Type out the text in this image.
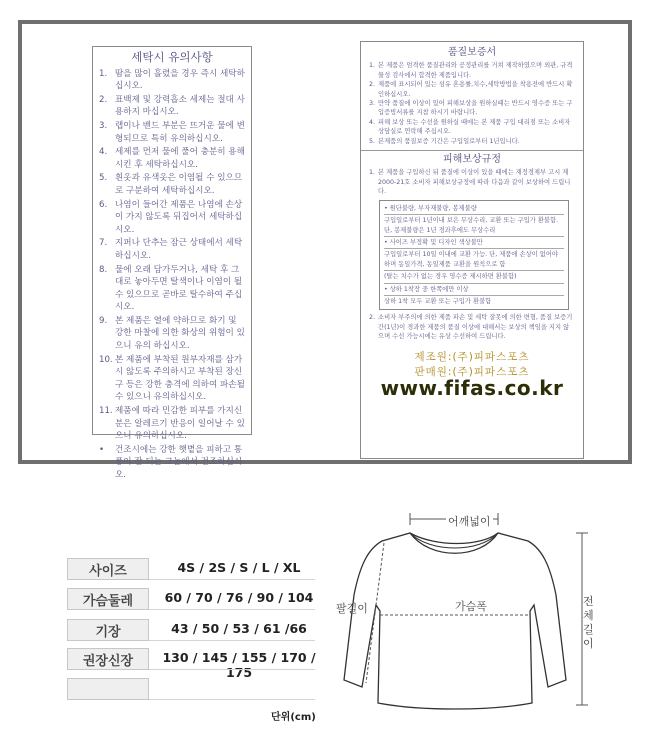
세탁시 유의사항
1. 땀을 많이 흘렸을 경우 즉시 세탁하십시오.
2. 표백제 및 강력흡소 세제는 절대 사용하지 마십시오.
3. 랩이나 밴드 부분은 뜨거운 물에 변형되므로 특히 유의하십시오.
4. 세제를 먼저 물에 풀어 충분히 용해시킨 후 세탁하십시오.
5. 흰옷과 유색옷은 이염될 수 있으므로 구분하여 세탁하십시오.
6. 나염이 들어간 제품은 나염에 손상이 가지 않도록 뒤집어서 세탁하십시오.
7. 지퍼나 단추는 잠근 상태에서 세탁하십시오.
8. 물에 오래 담가두거나, 세탁 후 그대로 놓아두면 탈색이나 이염이 될 수 있으므로 곧바로 탈수하여 주십시오.
9. 본 제품은 열에 약하므로 화기 및 강한 마찰에 의한 화상의 위험이 있으니 유의 하십시오.
10. 본 제품에 부착된 원부자재를 삼가시 않도록 주의하시고 부착된 장신구 등은 강한 충격에 의하여 파손될 수 있으니 유의하십시오.
11. 제품에 따라 민감한 피부를 가지신 분은 알레르기 반응이 일어날 수 있으니 유의하십시오.
•	건조시에는 강한 햇볕을 피하고 통풍이 잘 되는 그늘에서 건조하십시오.
품질보증서
1. 본 제품은 엄격한 품질관리와 공정관리를 거쳐 제작하였으며 외관, 규격 물성 검사에서 합격한 제품입니다.
2. 제품에 표시되어 있는 섬유 혼용률,치수,세탁방법을 착용전에 반드시 확인하십시오.
3. 만약 품질에 이상이 있어 피해보상을 원하실때는 반드시 영수증 또는 구입증빙서류를 지참 하시기 바랍니다.
4. 피해 보상 또는 수선을 원하실 때에는 본 제품 구입 대리점 또는 소비자 상담실로 연락해 주십시오.
5. 본제품의 품질보증 기간은 구입일로부터 1년입니다.
피해보상규정
1. 본 제품을 구입하신 뒤 품질에 이상이 있을 때에는 재정경제부 고시 제 2000-21호 소비자 피해보상규정에 따라 다음과 같이 보상하여 드립니다.
• 원단불량, 부자재불량, 봉제불량
구입일로부터 1년이내 보은 무상수리, 교환 또는 구입가 환불함. 단, 봉제불량은 1년 경과후에도 무상수리
• 사이즈 부정확 및 디자인 색상불만
구입일로부터 10일 이내에 교환 가능. 단, 제품에 손상이 없어야 하며 동일가격, 동일제품 교환을 원칙으로 함
(탈는 치수가 없는 경우 영수증 제시하면 환불함)
• 상하 1착장 중 한쪽에만 이상
상하 1착 모두 교환 또는 구입가 환불함
2. 소비자 부주의에 의한 제품 파손 및 세탁 잘못에 의한 변형, 품질 보증기간(1년)이 경과한 제품의 품질 이상에 대해서는 보상의 책임을 지지 않으며 수선 가능시에는 유상 수선하여 드립니다.
제조원:(주)피파스포츠
판매원:(주)피파스포츠
www.fifas.co.kr
사이즈	4S / 2S / S / L / XL
가슴둘레	60 / 70 / 76 / 90 / 104
기장	43 / 50 / 53 / 61 /66
권장신장	130 / 145 / 155 / 170 / 175
단위(cm)
어깨넓이
가슴폭
팔길이
전체길이
